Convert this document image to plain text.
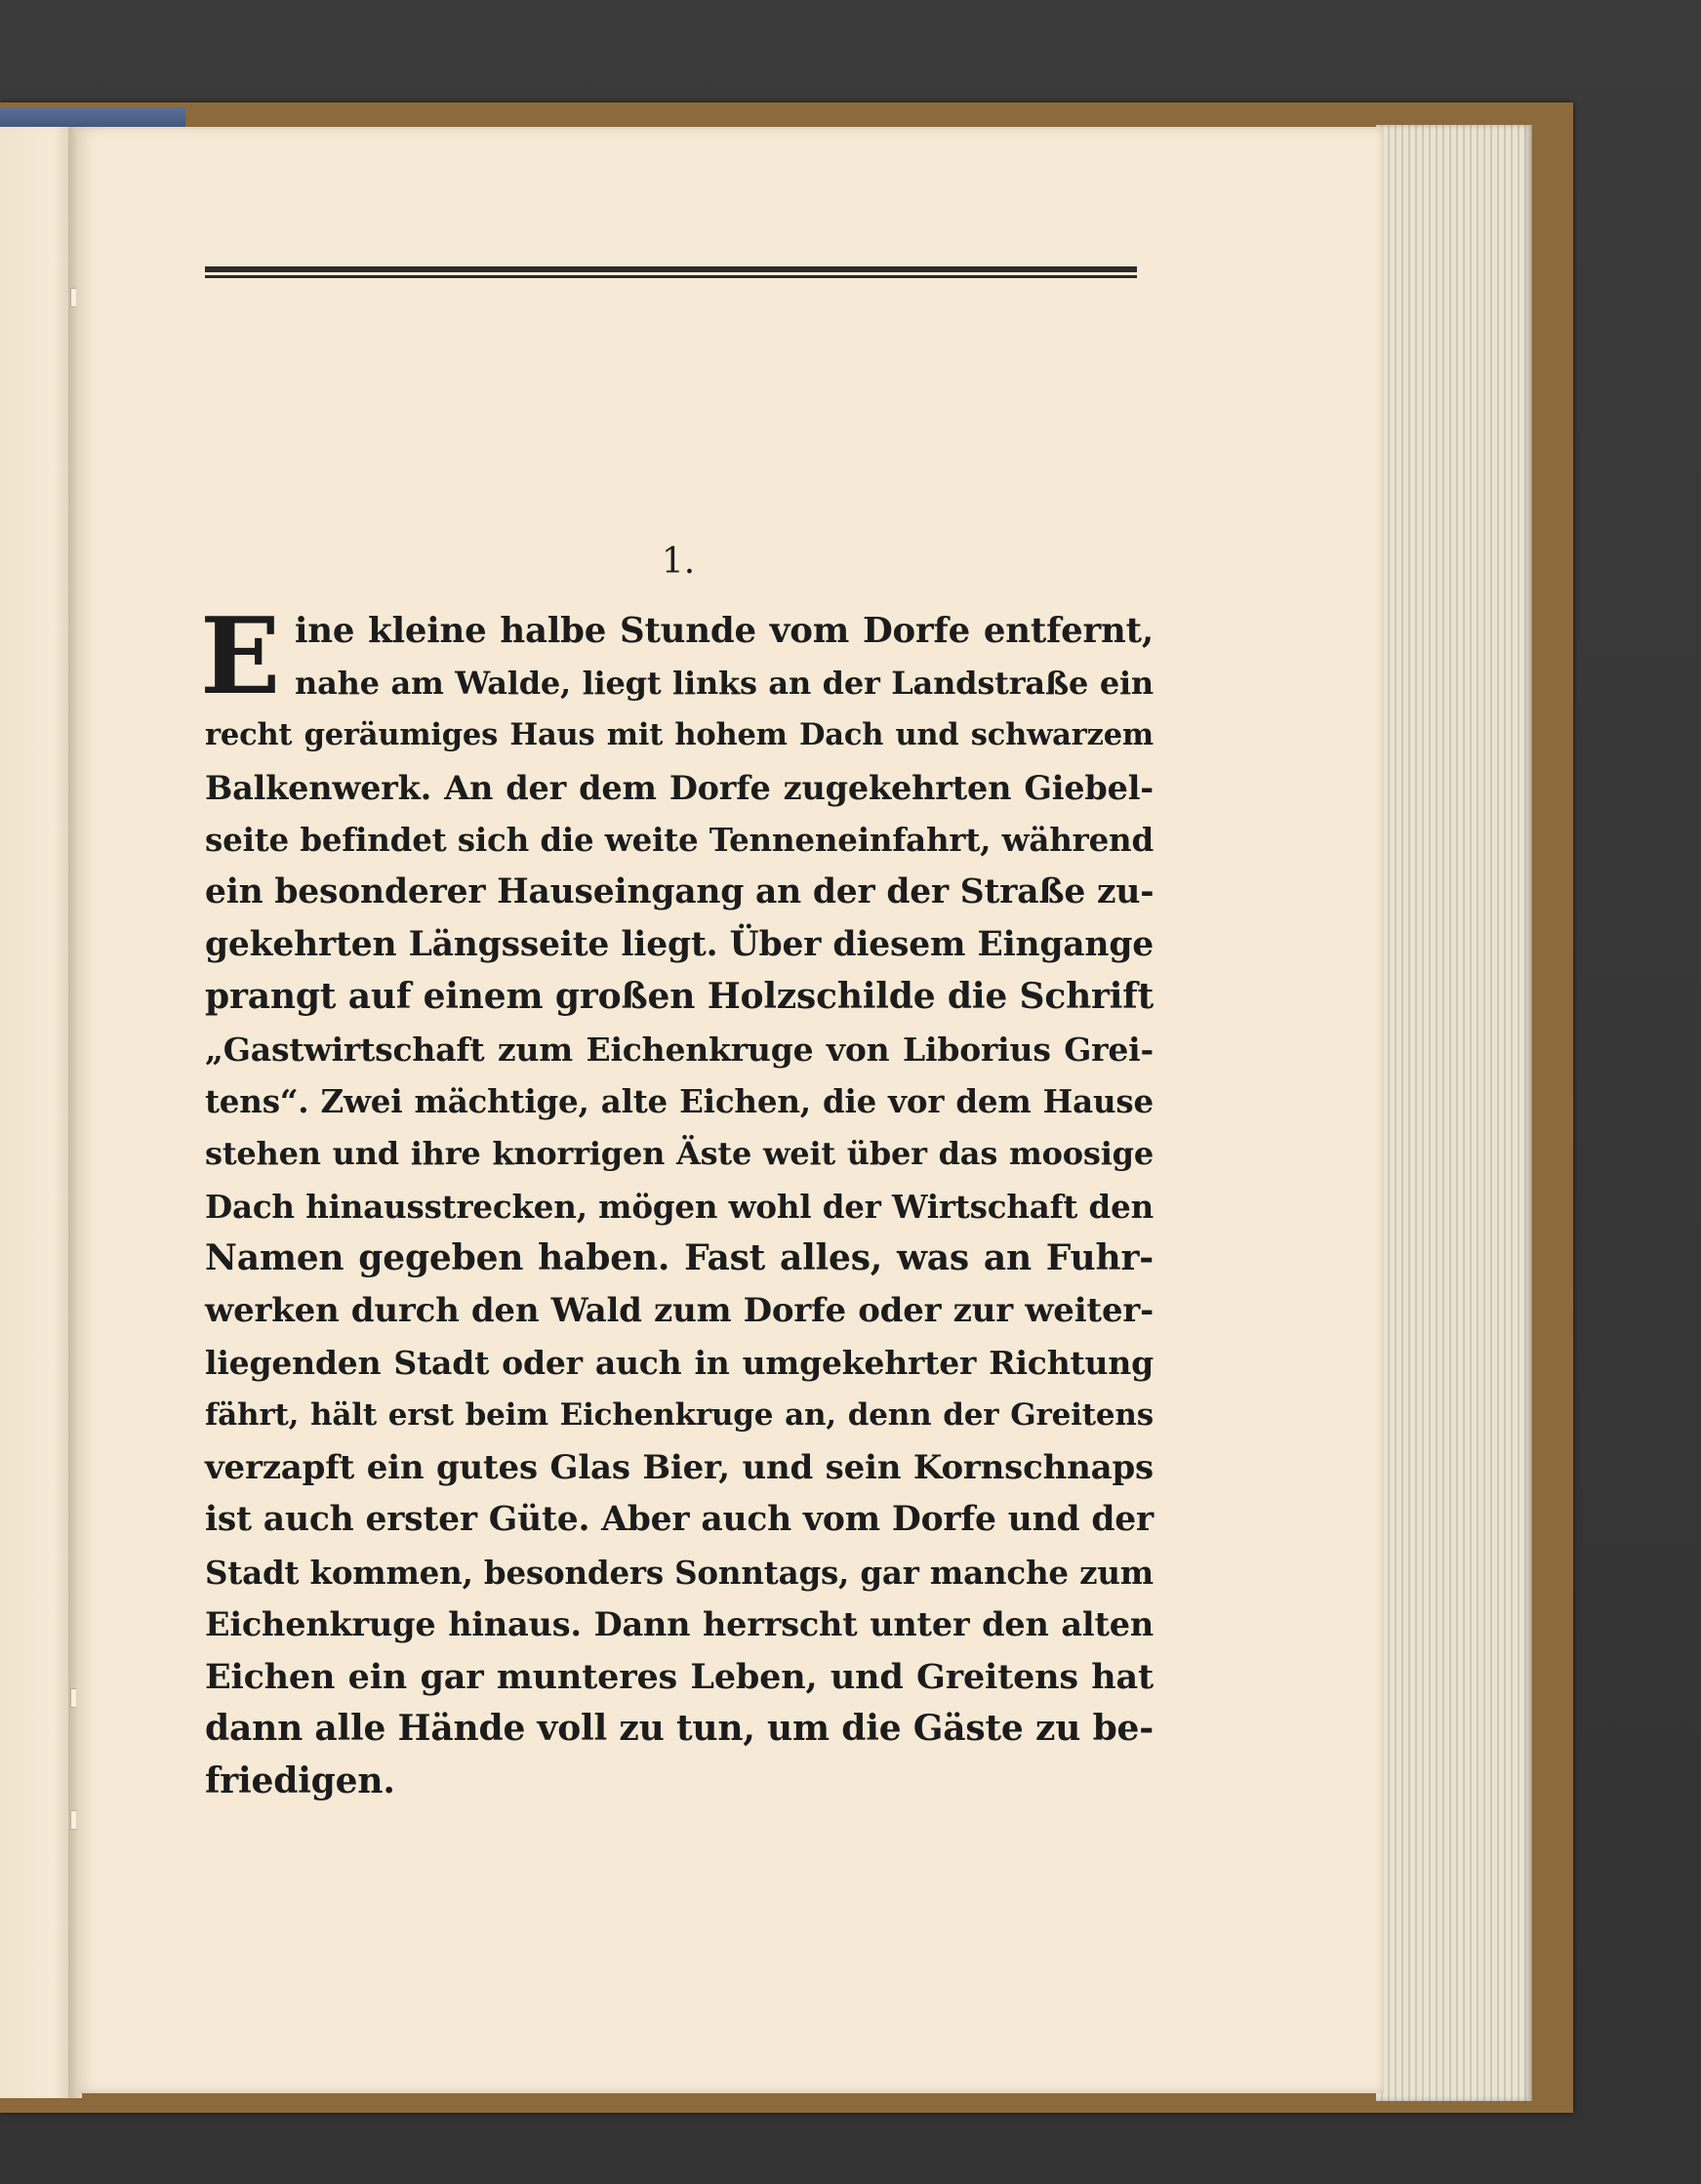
1.
E ine kleine halbe Stunde vom Dorfe entfernt,
nahe am Walde, liegt links an der Landstraße ein
recht geräumiges Haus mit hohem Dach und schwarzem
Balkenwerk. An der dem Dorfe zugekehrten Giebel-
seite befindet sich die weite Tenneneinfahrt, während
ein besonderer Hauseingang an der der Straße zu-
gekehrten Längsseite liegt. Über diesem Eingange
prangt auf einem großen Holzschilde die Schrift
„Gastwirtschaft zum Eichenkruge von Liborius Grei-
tens“. Zwei mächtige, alte Eichen, die vor dem Hause
stehen und ihre knorrigen Äste weit über das moosige
Dach hinausstrecken, mögen wohl der Wirtschaft den
Namen gegeben haben. Fast alles, was an Fuhr-
werken durch den Wald zum Dorfe oder zur weiter-
liegenden Stadt oder auch in umgekehrter Richtung
fährt, hält erst beim Eichenkruge an, denn der Greitens
verzapft ein gutes Glas Bier, und sein Kornschnaps
ist auch erster Güte. Aber auch vom Dorfe und der
Stadt kommen, besonders Sonntags, gar manche zum
Eichenkruge hinaus. Dann herrscht unter den alten
Eichen ein gar munteres Leben, und Greitens hat
dann alle Hände voll zu tun, um die Gäste zu be-
friedigen.
